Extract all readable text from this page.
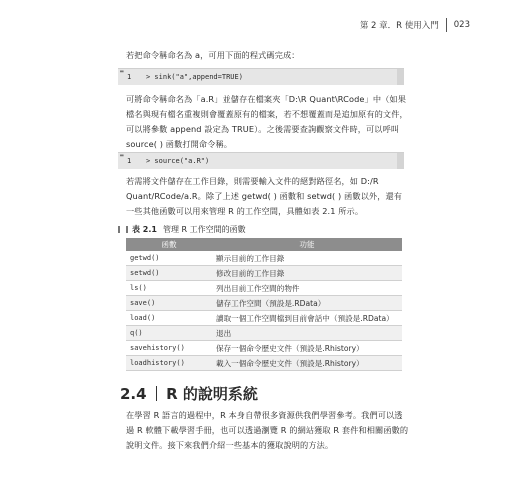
第 2 章．R 使用入門 023
若把命令稱命名為 a，可用下面的程式碼完成：
▬
1 > sink("a",append=TRUE)
可將命令稱命名為「a.R」並儲存在檔案夾「D:\R Quant\RCode」中（如果檔名與現有檔名重複則會覆蓋原有的檔案，若不想覆蓋而是追加原有的文件，可以將參數 append 設定為 TRUE）。之後需要查詢觀察文件時，可以呼叫 source( ) 函數打開命令稱。
▬
1 > source("a.R")
若需將文件儲存在工作目錄，則需要輸入文件的絕對路徑名，如 D:/R Quant/RCode/a.R。除了上述 getwd( ) 函數和 setwd( ) 函數以外，還有一些其他函數可以用來管理 R 的工作空間，具體如表 2.1 所示。
表 2.1 管理 R 工作空間的函數
函數	功能
getwd()	顯示目前的工作目錄
setwd()	修改目前的工作目錄
ls()	列出目前工作空間的物件
save()	儲存工作空間（預設是.RData）
load()	讀取一個工作空間檔到目前會話中（預設是.RData）
q()	退出
savehistory()	保存一個命令歷史文件（預設是.Rhistory）
loadhistory()	載入一個命令歷史文件（預設是.Rhistory）
2.4 R 的說明系統
在學習 R 語言的過程中，R 本身自帶很多資源供我們學習參考。我們可以透過 R 軟體下載學習手冊，也可以透過瀏覽 R 的網站獲取 R 套件和相關函數的說明文件。接下來我們介紹一些基本的獲取說明的方法。
